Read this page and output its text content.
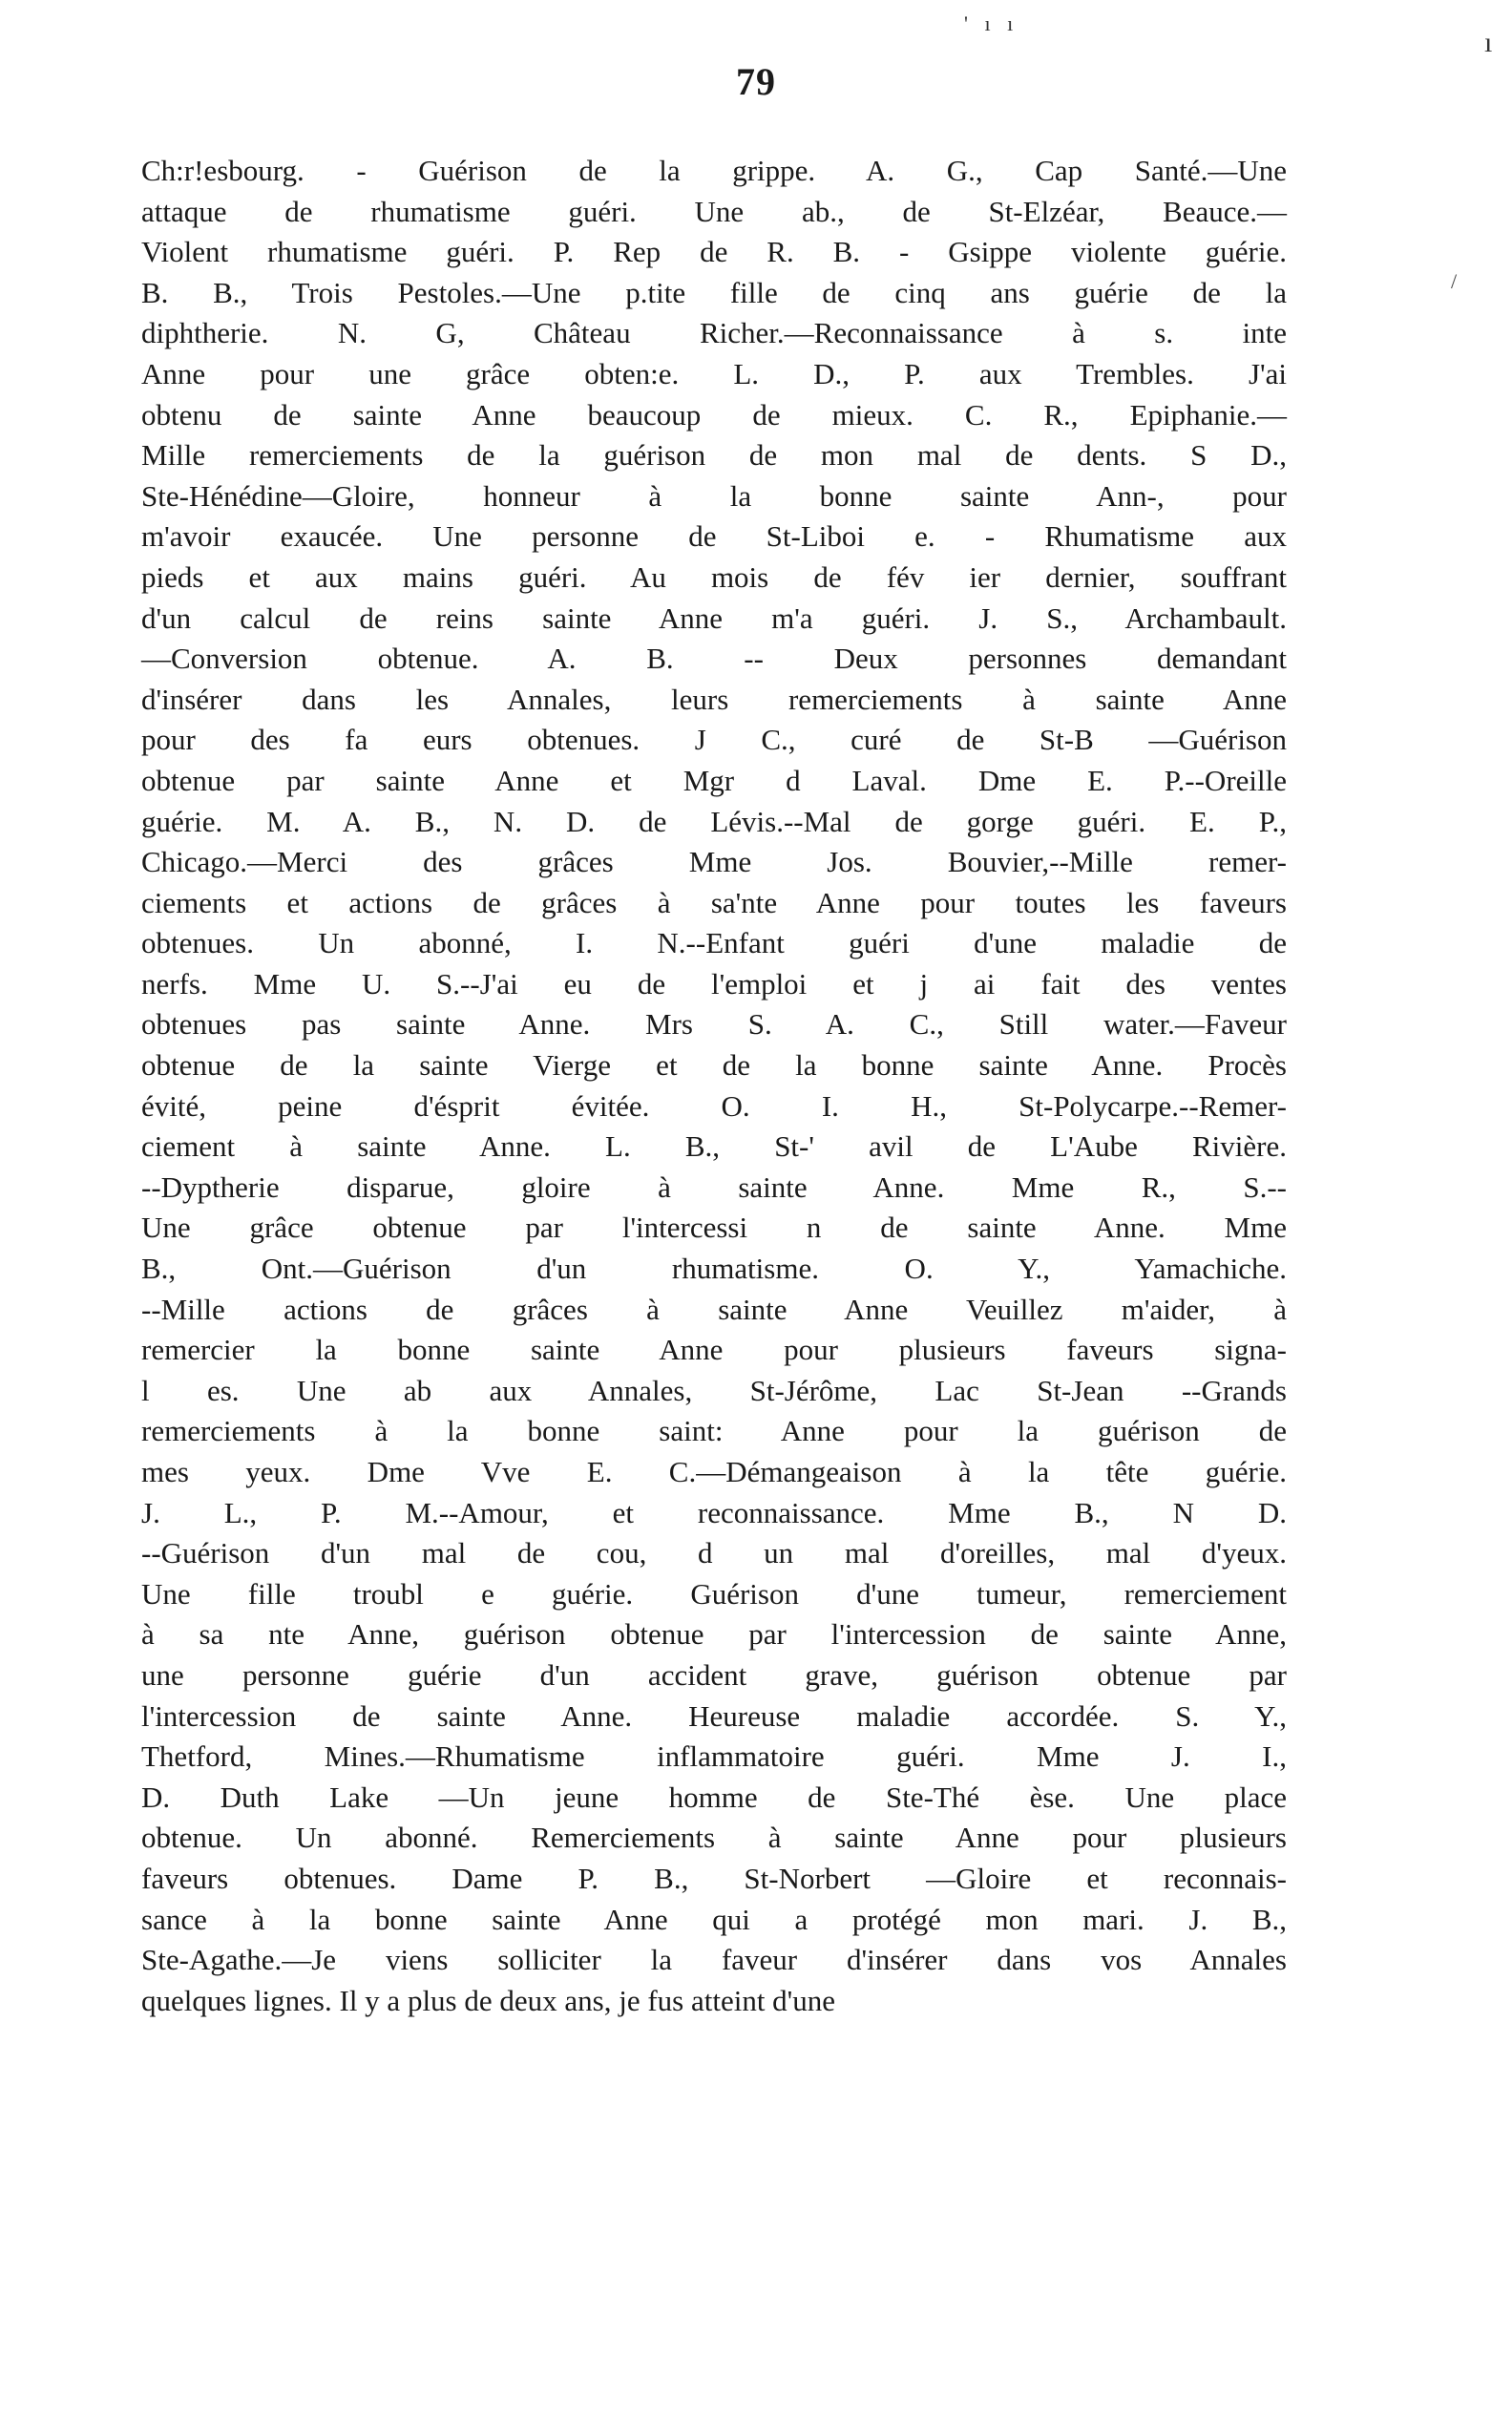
' ı ı
ı
/
79
Ch:r!esbourg. - Guérison de la grippe. A. G., Cap Santé.—Une
attaque de rhumatisme guéri. Une ab., de St-Elzéar, Beauce.—
Violent rhumatisme guéri. P. Rep de R. B. - Gsippe violente guérie.
B. B., Trois Pestoles.—Une p.tite fille de cinq ans guérie de la
diphtherie. N. G, Château Richer.—Reconnaissance à s. inte
Anne pour une grâce obten:e. L. D., P. aux Trembles. J'ai
obtenu de sainte Anne beaucoup de mieux. C. R., Epiphanie.—
Mille remerciements de la guérison de mon mal de dents. S D.,
Ste-Hénédine—Gloire, honneur à la bonne sainte Ann-, pour
m'avoir exaucée. Une personne de St-Liboi e. - Rhumatisme aux
pieds et aux mains guéri. Au mois de fév ier dernier, souffrant
d'un calcul de reins sainte Anne m'a guéri. J. S., Archambault.
—Conversion obtenue. A. B. -- Deux personnes demandant
d'insérer dans les Annales, leurs remerciements à sainte Anne
pour des fa eurs obtenues. J C., curé de St-B —Guérison
obtenue par sainte Anne et Mgr d Laval. Dme E. P.--Oreille
guérie. M. A. B., N. D. de Lévis.--Mal de gorge guéri. E. P.,
Chicago.—Merci des grâces Mme Jos. Bouvier,--Mille remer-
ciements et actions de grâces à sa'nte Anne pour toutes les faveurs
obtenues. Un abonné, I. N.--Enfant guéri d'une maladie de
nerfs. Mme U. S.--J'ai eu de l'emploi et j ai fait des ventes
obtenues pas sainte Anne. Mrs S. A. C., Still water.—Faveur
obtenue de la sainte Vierge et de la bonne sainte Anne. Procès
évité, peine d'ésprit évitée. O. I. H., St-Polycarpe.--Remer-
ciement à sainte Anne. L. B., St-' avil de L'Aube Rivière.
--Dyptherie disparue, gloire à sainte Anne. Mme R., S.--
Une grâce obtenue par l'intercessi n de sainte Anne. Mme
B., Ont.—Guérison d'un rhumatisme. O. Y., Yamachiche.
--Mille actions de grâces à sainte Anne Veuillez m'aider, à
remercier la bonne sainte Anne pour plusieurs faveurs signa-
l es. Une ab aux Annales, St-Jérôme, Lac St-Jean --Grands
remerciements à la bonne saint: Anne pour la guérison de
mes yeux. Dme Vve E. C.—Démangeaison à la tête guérie.
J. L., P. M.--Amour, et reconnaissance. Mme B., N D.
--Guérison d'un mal de cou, d un mal d'oreilles, mal d'yeux.
Une fille troubl e guérie. Guérison d'une tumeur, remerciement
à sa nte Anne, guérison obtenue par l'intercession de sainte Anne,
une personne guérie d'un accident grave, guérison obtenue par
l'intercession de sainte Anne. Heureuse maladie accordée. S. Y.,
Thetford, Mines.—Rhumatisme inflammatoire guéri. Mme J. I.,
D. Duth Lake —Un jeune homme de Ste-Thé èse. Une place
obtenue. Un abonné. Remerciements à sainte Anne pour plusieurs
faveurs obtenues. Dame P. B., St-Norbert —Gloire et reconnais-
sance à la bonne sainte Anne qui a protégé mon mari. J. B.,
Ste-Agathe.—Je viens solliciter la faveur d'insérer dans vos Annales
quelques lignes. Il y a plus de deux ans, je fus atteint d'une
